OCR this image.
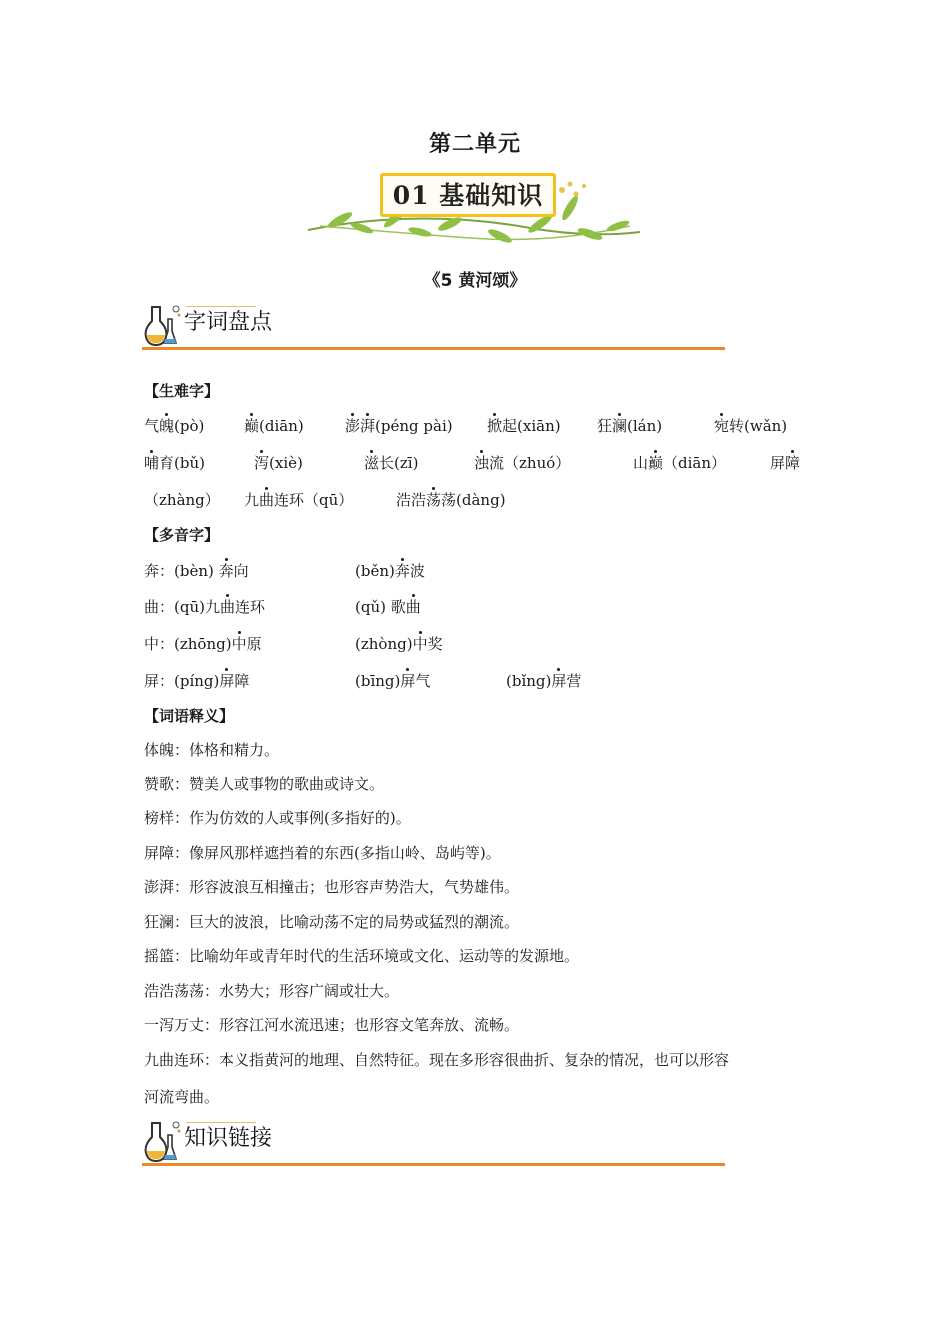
第二单元
01 基础知识
《5 黄河颂》
字词盘点
【生难字】
气魄(pò)	巅(diān)	澎湃(péng pài) 掀起(xiān) 狂澜(lán)	宛转(wǎn)
哺育(bǔ)	泻(xiè)	滋长(zī)	浊流（zhuó）	山巅（diān）	屏障
（zhàng） 九曲连环（qū）	浩浩荡荡(dàng)
【多音字】
奔：(bèn) 奔向	(běn)奔波
曲：(qū)九曲连环	(qǔ) 歌曲
中：(zhōng)中原	(zhòng)中奖
屏：(píng)屏障	(bīng)屏气	(bǐng)屏营
【词语释义】
体魄：体格和精力。
赞歌：赞美人或事物的歌曲或诗文。
榜样：作为仿效的人或事例(多指好的)。
屏障：像屏风那样遮挡着的东西(多指山岭、岛屿等)。
澎湃：形容波浪互相撞击；也形容声势浩大，气势雄伟。
狂澜：巨大的波浪，比喻动荡不定的局势或猛烈的潮流。
摇篮：比喻幼年或青年时代的生活环境或文化、运动等的发源地。
浩浩荡荡：水势大；形容广阔或壮大。
一泻万丈：形容江河水流迅速；也形容文笔奔放、流畅。
九曲连环：本义指黄河的地理、自然特征。现在多形容很曲折、复杂的情况，也可以形容
河流弯曲。
知识链接
